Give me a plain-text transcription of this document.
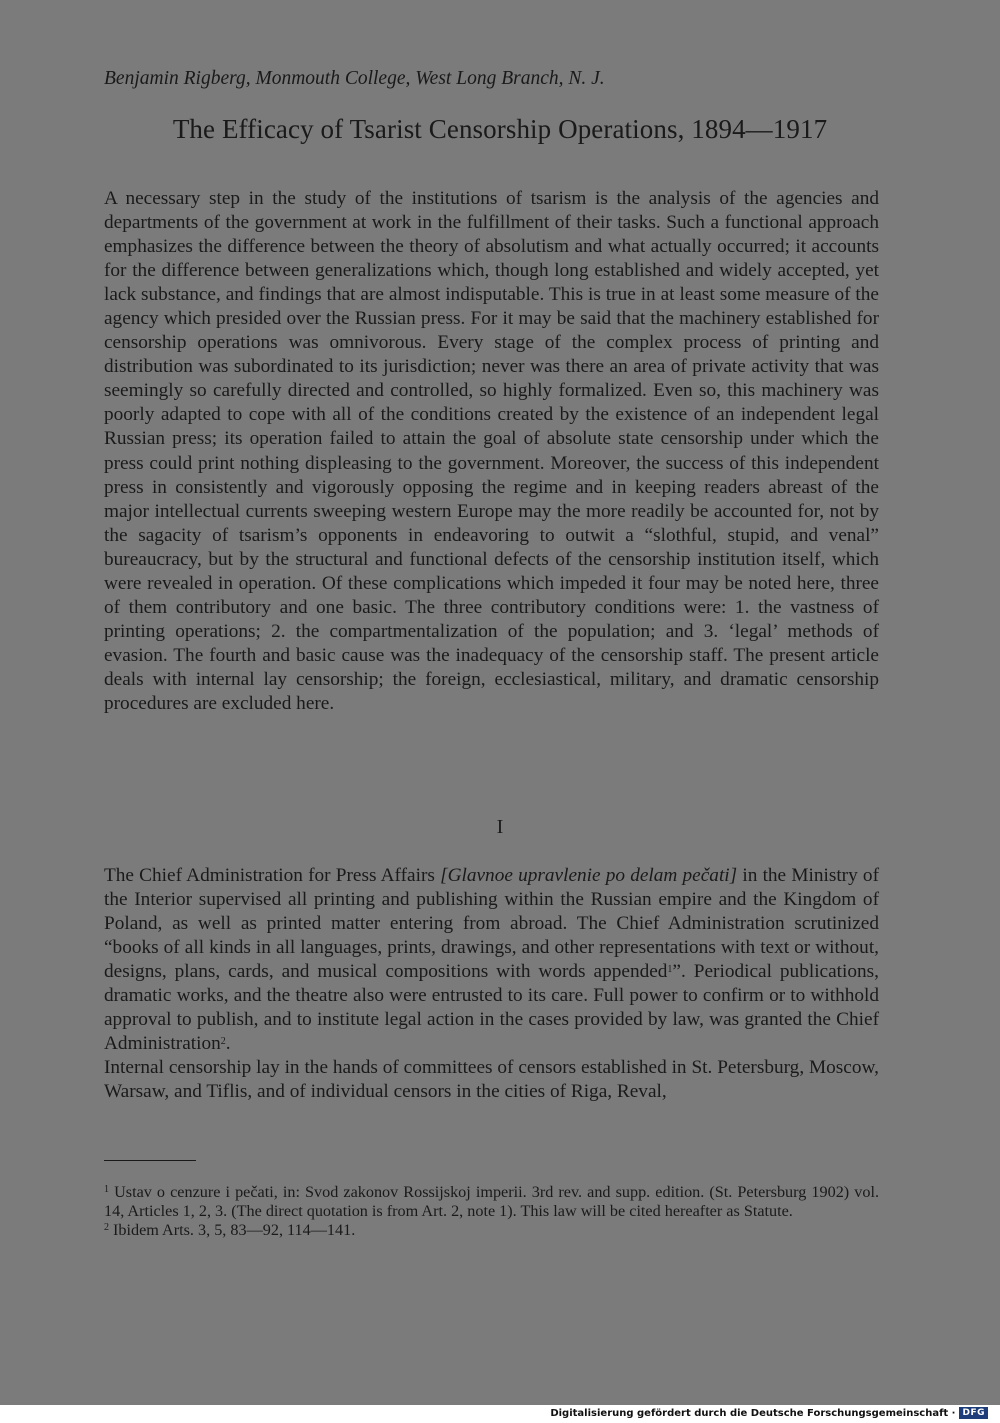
Benjamin Rigberg, Monmouth College, West Long Branch, N. J.
The Efficacy of Tsarist Censorship Operations, 1894—1917

A necessary step in the study of the institutions of tsarism is the analysis of the agencies and departments of the government at work in the fulfillment of their tasks. Such a functional approach emphasizes the difference between the theory of absolutism and what actually occurred; it accounts for the difference between generalizations which, though long established and widely accepted, yet lack substance, and findings that are almost indisputable. This is true in at least some measure of the agency which presided over the Russian press. For it may be said that the machinery established for censorship operations was omnivorous. Every stage of the complex process of printing and distribution was subordinated to its jurisdiction; never was there an area of private activity that was seemingly so carefully directed and controlled, so highly formalized. Even so, this machinery was poorly adapted to cope with all of the conditions created by the existence of an independent legal Russian press; its operation failed to attain the goal of absolute state censorship under which the press could print nothing displeasing to the government. Moreover, the success of this independent press in consistently and vigorously opposing the regime and in keeping readers abreast of the major intellectual currents sweeping western Europe may the more readily be accounted for, not by the sagacity of tsarism’s opponents in endeavoring to outwit a “slothful, stupid, and venal” bureaucracy, but by the structural and functional defects of the censorship institution itself, which were revealed in operation. Of these complications which impeded it four may be noted here, three of them contributory and one basic. The three contributory conditions were: 1. the vastness of printing operations; 2. the compartmentalization of the population; and 3. ‘legal’ methods of evasion. The fourth and basic cause was the inadequacy of the censorship staff. The present article deals with internal lay censorship; the foreign, ecclesiastical, military, and dramatic censorship procedures are excluded here.

I

The Chief Administration for Press Affairs [Glavnoe upravlenie po delam pečati] in the Ministry of the Interior supervised all printing and publishing within the Russian empire and the Kingdom of Poland, as well as printed matter entering from abroad. The Chief Administration scrutinized “books of all kinds in all languages, prints, drawings, and other representations with text or without, designs, plans, cards, and musical compositions with words appended$^1$”. Periodical publications, dramatic works, and the theatre also were entrusted to its care. Full power to confirm or to withhold approval to publish, and to institute legal action in the cases provided by law, was granted the Chief Administration$^2$.

Internal censorship lay in the hands of committees of censors established in St. Petersburg, Moscow, Warsaw, and Tiflis, and of individual censors in the cities of Riga, Reval,

$^1$ Ustav o cenzure i pečati, in: Svod zakonov Rossijskoj imperii. 3rd rev. and supp. edition. (St. Petersburg 1902) vol. 14, Articles 1, 2, 3. (The direct quotation is from Art. 2, note 1). This law will be cited hereafter as Statute.

$^2$ Ibidem Arts. 3, 5, 83—92, 114—141.

Digitalisierung gefördert durch die Deutsche Forschungsgemeinschaft · DFG
